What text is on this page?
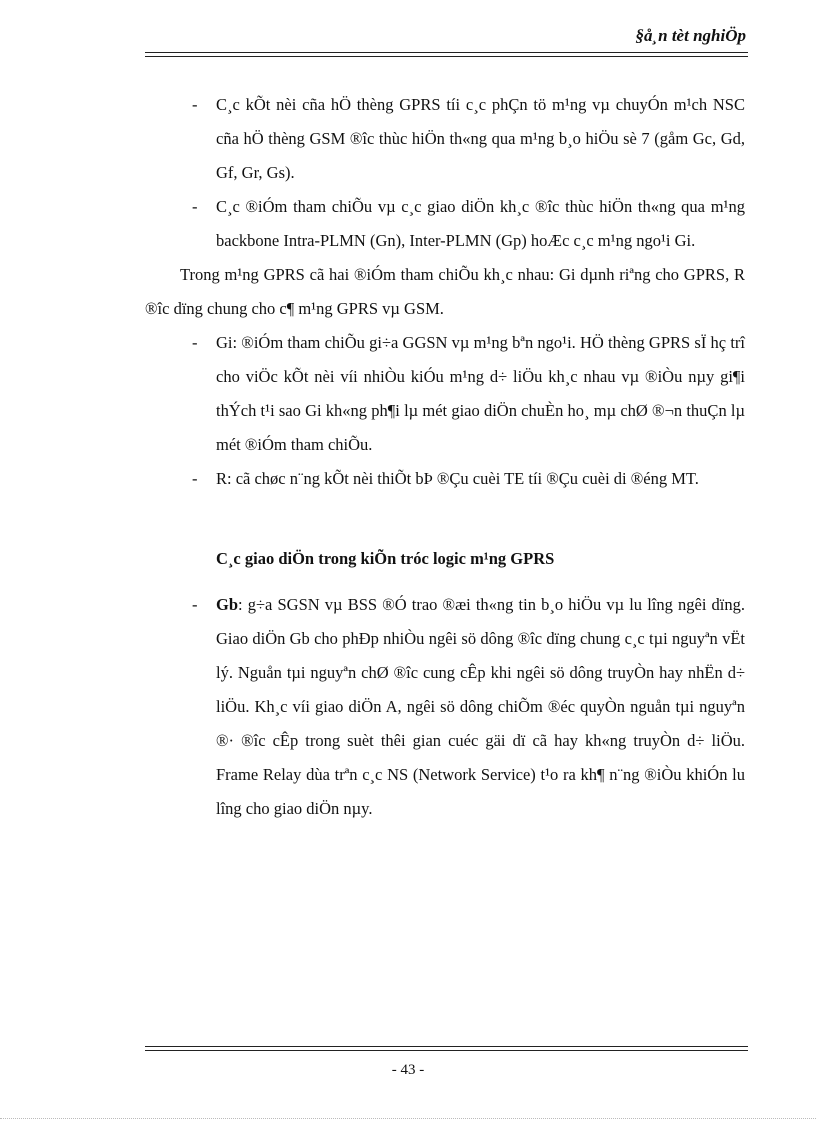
§å¸n tèt nghiÖp

- C¸c kÕt nèi cña hÖ thèng GPRS tíi c¸c phÇn tö m¹ng vµ chuyÓn m¹ch NSC cña hÖ thèng GSM ®îc thùc hiÖn th«ng qua m¹ng b¸o hiÖu sè 7 (gåm Gc, Gd, Gf, Gr, Gs).

- C¸c ®iÓm tham chiÕu vµ c¸c giao diÖn kh¸c ®îc thùc hiÖn th«ng qua m¹ng backbone Intra-PLMN (Gn), Inter-PLMN (Gp) hoÆc c¸c m¹ng ngo¹i Gi.

Trong m¹ng GPRS cã hai ®iÓm tham chiÕu kh¸c nhau: Gi dµnh riªng cho GPRS, R ®îc dïng chung cho c¶ m¹ng GPRS vµ GSM.

- Gi: ®iÓm tham chiÕu gi÷a GGSN vµ m¹ng bªn ngo¹i. HÖ thèng GPRS sÏ hç trî cho viÖc kÕt nèi víi nhiÒu kiÓu m¹ng d÷ liÖu kh¸c nhau vµ ®iÒu nµy gi¶i thÝch t¹i sao Gi kh«ng ph¶i lµ mét giao diÖn chuÈn ho¸ mµ chØ ®¬n thuÇn lµ mét ®iÓm tham chiÕu.

- R: cã chøc n¨ng kÕt nèi thiÕt bÞ ®Çu cuèi TE tíi ®Çu cuèi di ®éng MT.

C¸c giao diÖn trong kiÕn tróc logic m¹ng GPRS

- Gb: g÷a SGSN vµ BSS ®Ó trao ®æi th«ng tin b¸o hiÖu vµ lu lîng ngêi dïng. Giao diÖn Gb cho phÐp nhiÒu ngêi sö dông ®îc dïng chung c¸c tµi nguyªn vËt lý. Nguån tµi nguyªn chØ ®îc cung cÊp khi ngêi sö dông truyÒn hay nhËn d÷ liÖu. Kh¸c víi giao diÖn A, ngêi sö dông chiÕm ®éc quyÒn nguån tµi nguyªn ®· ®îc cÊp trong suèt thêi gian cuéc gäi dï cã hay kh«ng truyÒn d÷ liÖu. Frame Relay dùa trªn c¸c NS (Network Service) t¹o ra kh¶ n¨ng ®iÒu khiÓn lu lîng cho giao diÖn nµy.

- 43 -
